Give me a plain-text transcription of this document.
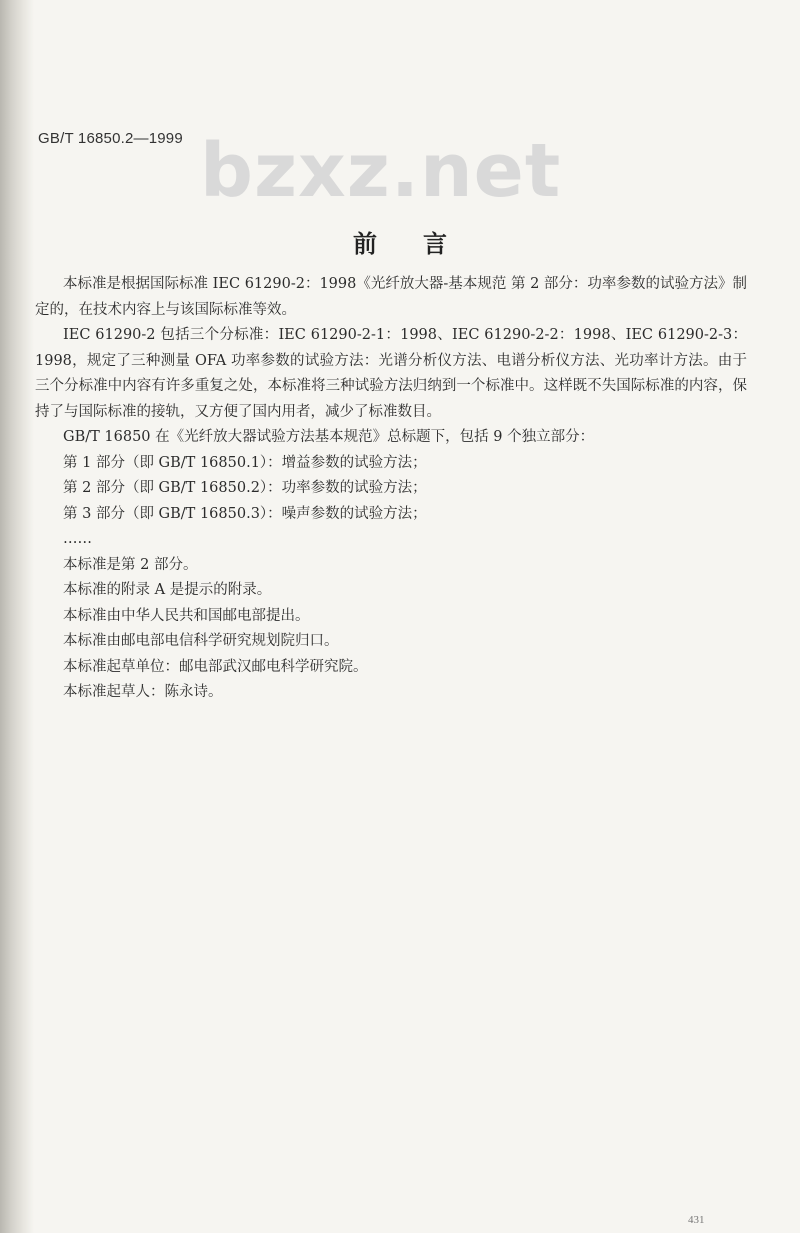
GB/T 16850.2—1999 bzxz.net
前言

本标准是根据国际标准 IEC 61290-2：1998《光纤放大器-基本规范 第 2 部分：功率参数的试验方法》制定的，在技术内容上与该国际标准等效。

IEC 61290-2 包括三个分标准：IEC 61290-2-1：1998、IEC 61290-2-2：1998、IEC 61290-2-3：1998，规定了三种测量 OFA 功率参数的试验方法：光谱分析仪方法、电谱分析仪方法、光功率计方法。由于三个分标准中内容有许多重复之处，本标准将三种试验方法归纳到一个标准中。这样既不失国际标准的内容，保持了与国际标准的接轨，又方便了国内用者，减少了标准数目。

GB/T 16850 在《光纤放大器试验方法基本规范》总标题下，包括 9 个独立部分：

第 1 部分（即 GB/T 16850.1）：增益参数的试验方法；

第 2 部分（即 GB/T 16850.2）：功率参数的试验方法；

第 3 部分（即 GB/T 16850.3）：噪声参数的试验方法；

……

本标准是第 2 部分。

本标准的附录 A 是提示的附录。

本标准由中华人民共和国邮电部提出。

本标准由邮电部电信科学研究规划院归口。

本标准起草单位：邮电部武汉邮电科学研究院。

本标准起草人：陈永诗。

431
